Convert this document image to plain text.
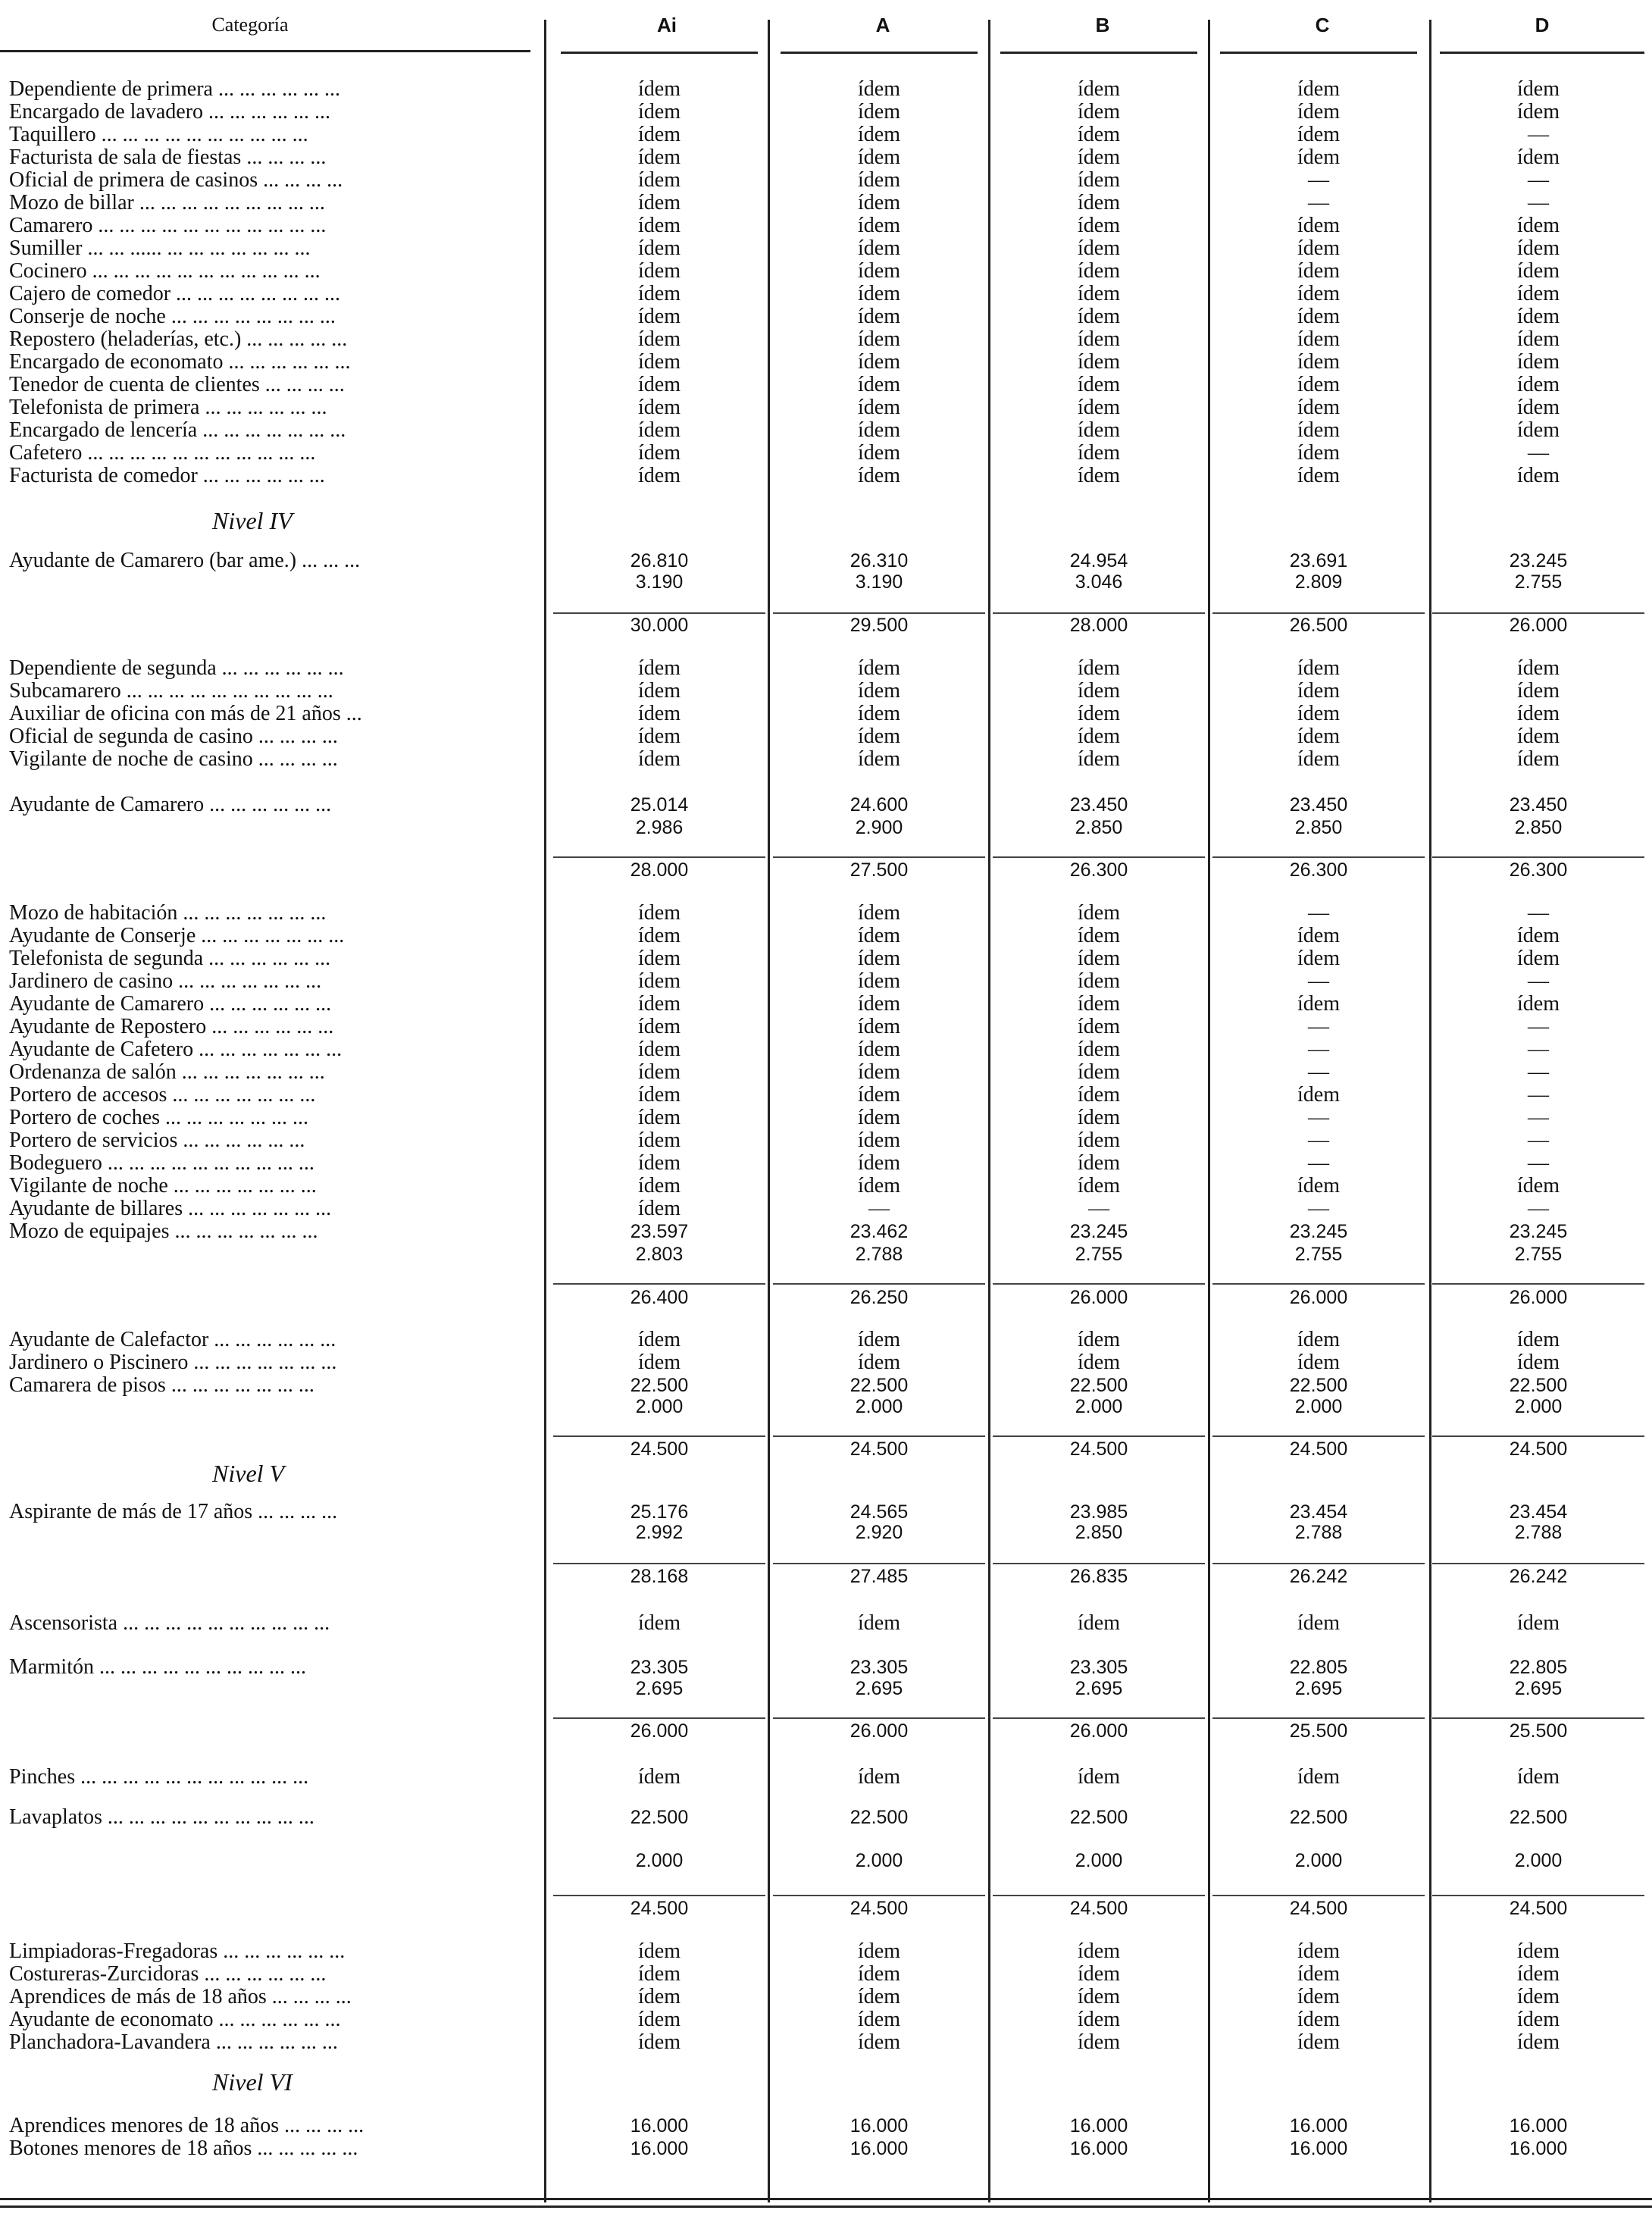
Categoría	Ai	A	B	C	D
Dependiente de primera ... ... ... ... ... ...	ídem	ídem	ídem	ídem	ídem
Encargado de lavadero ... ... ... ... ... ...	ídem	ídem	ídem	ídem	ídem
Taquillero ... ... ... ... ... ... ... ... ... ...	ídem	ídem	ídem	ídem	—
Facturista de sala de fiestas ... ... ... ...	ídem	ídem	ídem	ídem	ídem
Oficial de primera de casinos ... ... ... ...	ídem	ídem	ídem	—	—
Mozo de billar ... ... ... ... ... ... ... ... ...	ídem	ídem	ídem	—	—
Camarero ... ... ... ... ... ... ... ... ... ... ...	ídem	ídem	ídem	ídem	ídem
Sumiller ... ... ...... ... ... ... ... ... ... ...	ídem	ídem	ídem	ídem	ídem
Cocinero ... ... ... ... ... ... ... ... ... ... ...	ídem	ídem	ídem	ídem	ídem
Cajero de comedor ... ... ... ... ... ... ... ...	ídem	ídem	ídem	ídem	ídem
Conserje de noche ... ... ... ... ... ... ... ...	ídem	ídem	ídem	ídem	ídem
Repostero (heladerías, etc.) ... ... ... ... ...	ídem	ídem	ídem	ídem	ídem
Encargado de economato ... ... ... ... ... ...	ídem	ídem	ídem	ídem	ídem
Tenedor de cuenta de clientes ... ... ... ...	ídem	ídem	ídem	ídem	ídem
Telefonista de primera ... ... ... ... ... ...	ídem	ídem	ídem	ídem	ídem
Encargado de lencería ... ... ... ... ... ... ...	ídem	ídem	ídem	ídem	ídem
Cafetero ... ... ... ... ... ... ... ... ... ... ...	ídem	ídem	ídem	ídem	—
Facturista de comedor ... ... ... ... ... ...	ídem	ídem	ídem	ídem	ídem
Nivel IV
Ayudante de Camarero (bar ame.) ... ... ...	26.810	26.310	24.954	23.691	23.245
3.190	3.190	3.046	2.809	2.755
30.000	29.500	28.000	26.500	26.000
Dependiente de segunda ... ... ... ... ... ...	ídem	ídem	ídem	ídem	ídem
Subcamarero ... ... ... ... ... ... ... ... ... ...	ídem	ídem	ídem	ídem	ídem
Auxiliar de oficina con más de 21 años ...	ídem	ídem	ídem	ídem	ídem
Oficial de segunda de casino ... ... ... ...	ídem	ídem	ídem	ídem	ídem
Vigilante de noche de casino ... ... ... ...	ídem	ídem	ídem	ídem	ídem
Ayudante de Camarero ... ... ... ... ... ...	25.014	24.600	23.450	23.450	23.450
2.986	2.900	2.850	2.850	2.850
28.000	27.500	26.300	26.300	26.300
Mozo de habitación ... ... ... ... ... ... ...	ídem	ídem	ídem	—	—
Ayudante de Conserje ... ... ... ... ... ... ...	ídem	ídem	ídem	ídem	ídem
Telefonista de segunda ... ... ... ... ... ...	ídem	ídem	ídem	ídem	ídem
Jardinero de casino ... ... ... ... ... ... ...	ídem	ídem	ídem	—	—
Ayudante de Camarero ... ... ... ... ... ...	ídem	ídem	ídem	ídem	ídem
Ayudante de Repostero ... ... ... ... ... ...	ídem	ídem	ídem	—	—
Ayudante de Cafetero ... ... ... ... ... ... ...	ídem	ídem	ídem	—	—
Ordenanza de salón ... ... ... ... ... ... ...	ídem	ídem	ídem	—	—
Portero de accesos ... ... ... ... ... ... ...	ídem	ídem	ídem	ídem	—
Portero de coches ... ... ... ... ... ... ...	ídem	ídem	ídem	—	—
Portero de servicios ... ... ... ... ... ...	ídem	ídem	ídem	—	—
Bodeguero ... ... ... ... ... ... ... ... ... ...	ídem	ídem	ídem	—	—
Vigilante de noche ... ... ... ... ... ... ...	ídem	ídem	ídem	ídem	ídem
Ayudante de billares ... ... ... ... ... ... ...	ídem	—	—	—	—
Mozo de equipajes ... ... ... ... ... ... ...	23.597	23.462	23.245	23.245	23.245
2.803	2.788	2.755	2.755	2.755
26.400	26.250	26.000	26.000	26.000
Ayudante de Calefactor ... ... ... ... ... ...	ídem	ídem	ídem	ídem	ídem
Jardinero o Piscinero ... ... ... ... ... ... ...	ídem	ídem	ídem	ídem	ídem
Camarera de pisos ... ... ... ... ... ... ...	22.500	22.500	22.500	22.500	22.500
2.000	2.000	2.000	2.000	2.000
24.500	24.500	24.500	24.500	24.500
Nivel V
Aspirante de más de 17 años ... ... ... ...	25.176	24.565	23.985	23.454	23.454
2.992	2.920	2.850	2.788	2.788
28.168	27.485	26.835	26.242	26.242
Ascensorista ... ... ... ... ... ... ... ... ... ...	ídem	ídem	ídem	ídem	ídem
Marmitón ... ... ... ... ... ... ... ... ... ...	23.305	23.305	23.305	22.805	22.805
2.695	2.695	2.695	2.695	2.695
26.000	26.000	26.000	25.500	25.500
Pinches ... ... ... ... ... ... ... ... ... ... ...	ídem	ídem	ídem	ídem	ídem
Lavaplatos ... ... ... ... ... ... ... ... ... ...	22.500	22.500	22.500	22.500	22.500
2.000	2.000	2.000	2.000	2.000
24.500	24.500	24.500	24.500	24.500
Limpiadoras-Fregadoras ... ... ... ... ... ...	ídem	ídem	ídem	ídem	ídem
Costureras-Zurcidoras ... ... ... ... ... ...	ídem	ídem	ídem	ídem	ídem
Aprendices de más de 18 años ... ... ... ...	ídem	ídem	ídem	ídem	ídem
Ayudante de economato ... ... ... ... ... ...	ídem	ídem	ídem	ídem	ídem
Planchadora-Lavandera ... ... ... ... ... ...	ídem	ídem	ídem	ídem	ídem
Nivel VI
Aprendices menores de 18 años ... ... ... ...	16.000	16.000	16.000	16.000	16.000
Botones menores de 18 años ... ... ... ... ...	16.000	16.000	16.000	16.000	16.000
